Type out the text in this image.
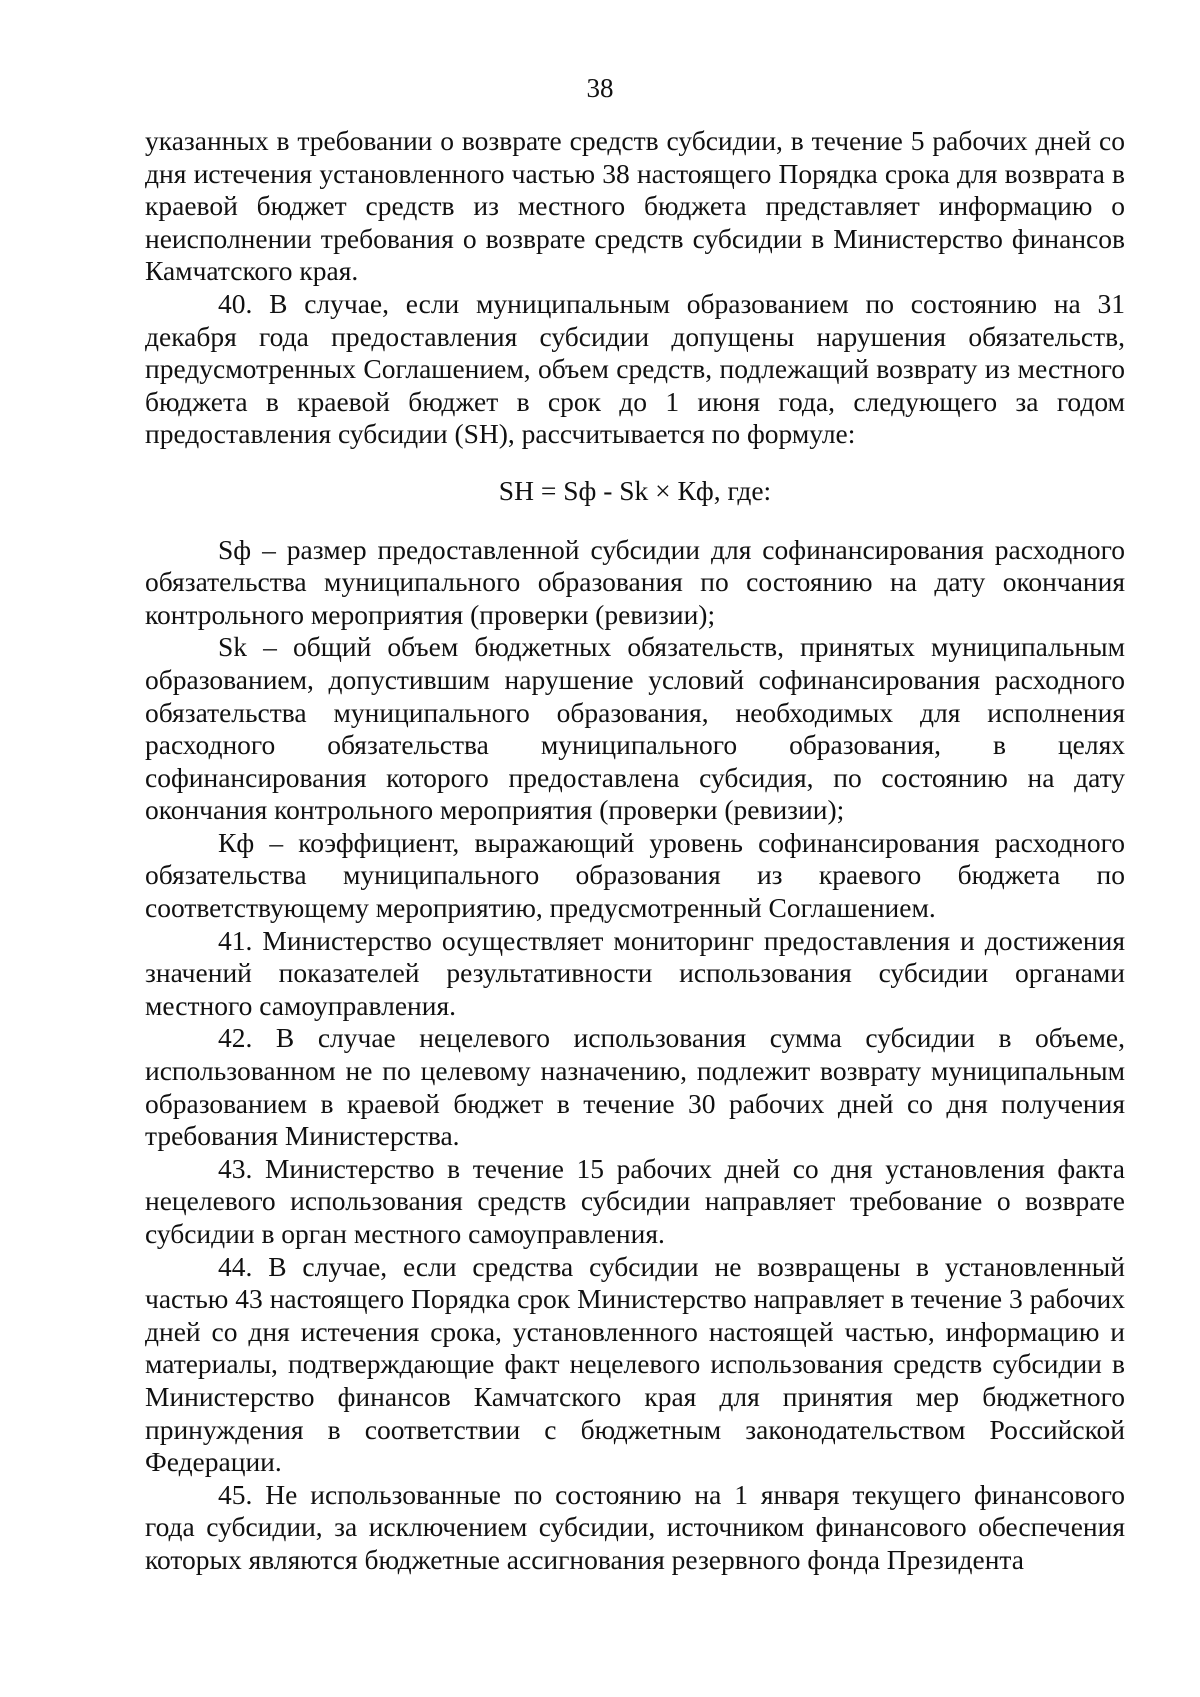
38

указанных в требовании о возврате средств субсидии, в течение 5 рабочих дней со дня истечения установленного частью 38 настоящего Порядка срока для возврата в краевой бюджет средств из местного бюджета представляет информацию о неисполнении требования о возврате средств субсидии в Министерство финансов Камчатского края.

40. В случае, если муниципальным образованием по состоянию на 31 декабря года предоставления субсидии допущены нарушения обязательств, предусмотренных Соглашением, объем средств, подлежащий возврату из местного бюджета в краевой бюджет в срок до 1 июня года, следующего за годом предоставления субсидии (SH), рассчитывается по формуле:

SH = Sф - Sk × Кф, где:

Sф – размер предоставленной субсидии для софинансирования расходного обязательства муниципального образования по состоянию на дату окончания контрольного мероприятия (проверки (ревизии);

Sk – общий объем бюджетных обязательств, принятых муниципальным образованием, допустившим нарушение условий софинансирования расходного обязательства муниципального образования, необходимых для исполнения расходного обязательства муниципального образования, в целях софинансирования которого предоставлена субсидия, по состоянию на дату окончания контрольного мероприятия (проверки (ревизии);

Кф – коэффициент, выражающий уровень софинансирования расходного обязательства муниципального образования из краевого бюджета по соответствующему мероприятию, предусмотренный Соглашением.

41. Министерство осуществляет мониторинг предоставления и достижения значений показателей результативности использования субсидии органами местного самоуправления.

42. В случае нецелевого использования сумма субсидии в объеме, использованном не по целевому назначению, подлежит возврату муниципальным образованием в краевой бюджет в течение 30 рабочих дней со дня получения требования Министерства.

43. Министерство в течение 15 рабочих дней со дня установления факта нецелевого использования средств субсидии направляет требование о возврате субсидии в орган местного самоуправления.

44. В случае, если средства субсидии не возвращены в установленный частью 43 настоящего Порядка срок Министерство направляет в течение 3 рабочих дней со дня истечения срока, установленного настоящей частью, информацию и материалы, подтверждающие факт нецелевого использования средств субсидии в Министерство финансов Камчатского края для принятия мер бюджетного принуждения в соответствии с бюджетным законодательством Российской Федерации.

45. Не использованные по состоянию на 1 января текущего финансового года субсидии, за исключением субсидии, источником финансового обеспечения которых являются бюджетные ассигнования резервного фонда Президента
